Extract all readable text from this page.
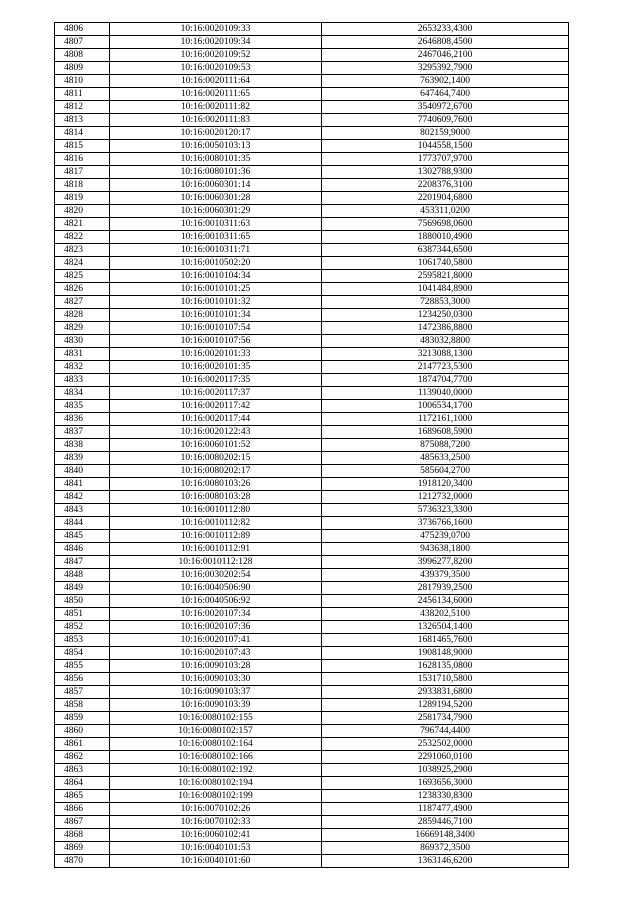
4806	10:16:0020109:33	2653233,4300
4807	10:16:0020109:34	2646808,4500
4808	10:16:0020109:52	2467046,2100
4809	10:16:0020109:53	3295392,7900
4810	10:16:0020111:64	763902,1400
4811	10:16:0020111:65	647464,7400
4812	10:16:0020111:82	3540972,6700
4813	10:16:0020111:83	7740609,7600
4814	10:16:0020120:17	802159,9000
4815	10:16:0050103:13	1044558,1500
4816	10:16:0080101:35	1773707,9700
4817	10:16:0080101:36	1302788,9300
4818	10:16:0060301:14	2208376,3100
4819	10:16:0060301:28	2201904,6800
4820	10:16:0060301:29	453311,0200
4821	10:16:0010311:63	7569698,0600
4822	10:16:0010311:65	1880010,4900
4823	10:16:0010311:71	6387344,6500
4824	10:16:0010502:20	1061740,5800
4825	10:16:0010104:34	2595821,8000
4826	10:16:0010101:25	1041484,8900
4827	10:16:0010101:32	728853,3000
4828	10:16:0010101:34	1234250,0300
4829	10:16:0010107:54	1472386,8800
4830	10:16:0010107:56	483032,8800
4831	10:16:0020101:33	3213088,1300
4832	10:16:0020101:35	2147723,5300
4833	10:16:0020117:35	1874704,7700
4834	10:16:0020117:37	1139040,0000
4835	10:16:0020117:42	1006534,1700
4836	10:16:0020117:44	1172161,1000
4837	10:16:0020122:43	1689608,5900
4838	10:16:0060101:52	875088,7200
4839	10:16:0080202:15	485633,2500
4840	10:16:0080202:17	585604,2700
4841	10:16:0080103:26	1918120,3400
4842	10:16:0080103:28	1212732,0000
4843	10:16:0010112:80	5736323,3300
4844	10:16:0010112:82	3736766,1600
4845	10:16:0010112:89	475239,0700
4846	10:16:0010112:91	943638,1800
4847	10:16:0010112:128	3996277,8200
4848	10:16:0030202:54	439379,3500
4849	10:16:0040506:90	2817939,2500
4850	10:16:0040506:92	2456134,6000
4851	10:16:0020107:34	438202,5100
4852	10:16:0020107:36	1326504,1400
4853	10:16:0020107:41	1681465,7600
4854	10:16:0020107:43	1908148,9000
4855	10:16:0090103:28	1628135,0800
4856	10:16:0090103:30	1531710,5800
4857	10:16:0090103:37	2933831,6800
4858	10:16:0090103:39	1289194,5200
4859	10:16:0080102:155	2581734,7900
4860	10:16:0080102:157	796744,4400
4861	10:16:0080102:164	2532502,0000
4862	10:16:0080102:166	2291060,0100
4863	10:16:0080102:192	1038925,2900
4864	10:16:0080102:194	1693656,3000
4865	10:16:0080102:199	1238330,8300
4866	10:16:0070102:26	1187477,4900
4867	10:16:0070102:33	2859446,7100
4868	10:16:0060102:41	16669148,3400
4869	10:16:0040101:53	869372,3500
4870	10:16:0040101:60	1363146,6200
